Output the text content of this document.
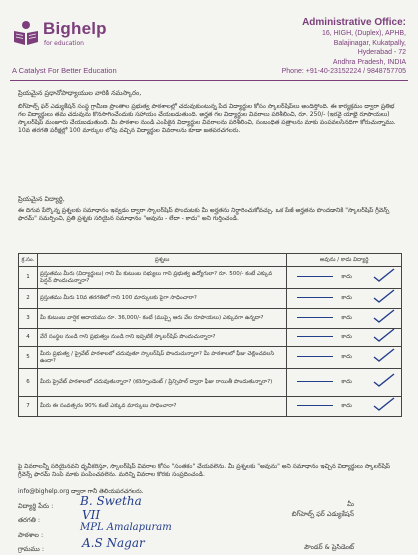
Bighelp
for education
A Catalyst For Better Education
Administrative Office:
16, HIGH, (Duplex), APHB,
Balajinagar, Kukatpally,
Hyderabad - 72
Andhra Pradesh, INDIA
Phone: +91-40-23152224 / 9848757705
ప్రియమైన ప్రధానోపాధ్యాయుల వారికి నమస్కారం,
బిగ్‌హెల్ప్ ఫర్ ఎడ్యుకేషన్ సంస్థ గ్రామీణ ప్రాంతాల ప్రభుత్వ పాఠశాలల్లో చదువుకుంటున్న పేద విద్యార్థుల కోసం స్కాలర్‌షిప్‌లు అందిస్తోంది. ఈ కార్యక్రమం ద్వారా ప్రతిభ గల విద్యార్థులు తమ చదువును కొనసాగించేందుకు సహాయం చేయబడుతుంది. అర్హత గల విద్యార్థుల వివరాలు పరిశీలించి, రూ. 250/- (ఇరవై యాభై రూపాయలు) స్కాలర్‌షిప్ మంజూరు చేయబడుతుంది. మీ పాఠశాల నుండి ఎంపికైన విద్యార్థుల వివరాలను పరిశీలించి, సంబంధిత పత్రాలను మాకు పంపవలసినదిగా కోరుచున్నాము. 10వ తరగతి పరీక్షల్లో 100 మార్కుల లోపు వచ్చిన విద్యార్థుల వివరాలను కూడా జతపరచగలరు.
ప్రియమైన విద్యార్థి,
ఈ దిగువ పేర్కొన్న ప్రశ్నలకు సమాధానం ఇవ్వడం ద్వారా స్కాలర్‌షిప్ పొందుటకు మీ అర్హతను నిర్ధారించుకోవచ్చు. ఒక పేజీ అర్హతను పొందడానికి "స్కాలర్‌షిప్ గ్రీవెన్స్ ఫారమ్" సమర్పించి, ప్రతి ప్రశ్నకు సరియైన సమాధానం "అవును - లేదా - కాదు" అని గుర్తించండి.
క్ర.సం.	ప్రశ్నలు	అవును / కాదు విద్యార్థి
1	ప్రస్తుతము మీరు (విద్యార్థులు) గాని మీ కుటుంబ సభ్యులు గాని ప్రభుత్వ ఉద్యోగులా? రూ. 500/- కంటే ఎక్కువ పెన్షన్ పొందుచున్నారా?	కాదు

2	ప్రస్తుతము మీరు 10వ తరగతిలో గాని 100 మార్కులకు పైగా సాధించారా?	కాదు

3	మీ కుటుంబ వార్షిక ఆదాయము రూ. 36,000/- కంటే (ముప్పై ఆరు వేల రూపాయలు) ఎక్కువగా ఉన్నదా?	కాదు

4	వేరే సంస్థల నుండి గాని ప్రభుత్వం నుండి గాని ఇప్పటికే స్కాలర్‌షిప్ పొందుచున్నారా?	కాదు

5	మీరు ప్రభుత్వ / ప్రైవేట్ పాఠశాలలో చదువుతూ స్కాలర్‌షిప్ పొందుచున్నారా? మీ పాఠశాలలో ఫీజు చెల్లించవలసి ఉందా?	కాదు

6	మీరు ప్రైవేట్ పాఠశాలలో చదువుతున్నారా? (కరెస్పాండెంట్ / ప్రిన్సిపాల్ ద్వారా ఫీజు రాయితీ పొందుతున్నారా?)	కాదు

7	మీరు ఈ సంవత్సరం 90% కంటే ఎక్కువ మార్కులు సాధించారా?	కాదు
పై వివరాలన్నీ సరియైనవని ధృవీకరిస్తూ, స్కాలర్‌షిప్ వివరాల కోసం "సంతకం" చేయవలెను. మీ ప్రశ్నలకు "అవును" అని సమాధానం ఇచ్చిన విద్యార్థులు స్కాలర్‌షిప్ గ్రీవెన్స్ ఫారమ్ నింపి మాకు పంపించవలెను. మరిన్ని వివరాల కొరకు సంప్రదించండి.
info@bighelp.org ద్వారా గానీ తెలియపరచగలరు.
విద్యార్థి పేరు : B. Swetha
తరగతి :	VII
పాఠశాల :
MPL Amalapuram
గ్రామము :	A.S Nagar
మీ
బిగ్‌హెల్ప్ ఫర్ ఎడ్యుకేషన్
పౌండర్ & ప్రెసిడెంట్
